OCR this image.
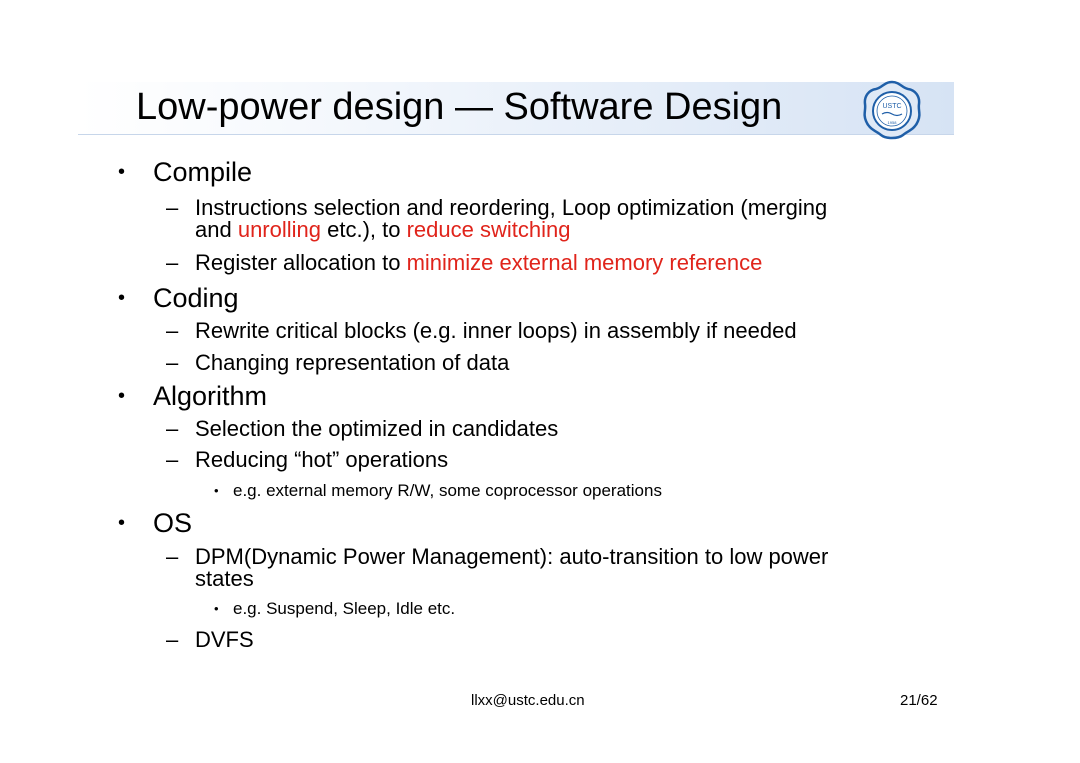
Low-power design — Software Design	USTC
1958
• Compile
– Instructions selection and reordering, Loop optimization (merging
and unrolling etc.), to reduce switching
– Register allocation to minimize external memory reference
• Coding
– Rewrite critical blocks (e.g. inner loops) in assembly if needed
– Changing representation of data
• Algorithm
– Selection the optimized in candidates
– Reducing “hot” operations
• e.g. external memory R/W, some coprocessor operations
• OS
– DPM(Dynamic Power Management): auto-transition to low power
states
• e.g. Suspend, Sleep, Idle etc.
– DVFS
llxx@ustc.edu.cn	21/62
